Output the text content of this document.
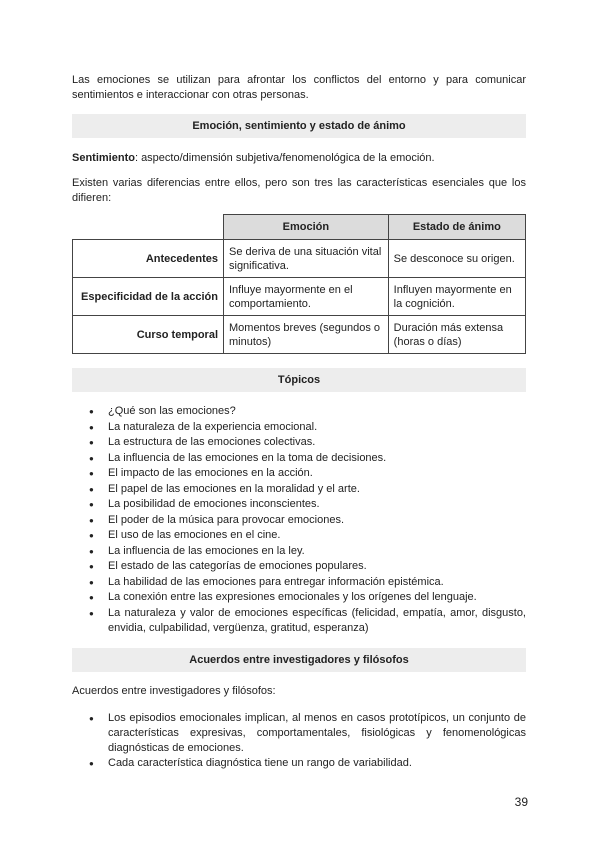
Las emociones se utilizan para afrontar los conflictos del entorno y para comunicar sentimientos e interaccionar con otras personas.

Emoción, sentimiento y estado de ánimo

Sentimiento: aspecto/dimensión subjetiva/fenomenológica de la emoción.

Existen varias diferencias entre ellos, pero son tres las características esenciales que los difieren:

	Emoción	Estado de ánimo
Antecedentes	Se deriva de una situación vital significativa.	Se desconoce su origen.
Especificidad de la acción	Influye mayormente en el comportamiento.	Influyen mayormente en la cognición.
Curso temporal	Momentos breves (segundos o minutos)	Duración más extensa (horas o días)
Tópicos
● ¿Qué son las emociones?
● La naturaleza de la experiencia emocional.
● La estructura de las emociones colectivas.
● La influencia de las emociones en la toma de decisiones.
● El impacto de las emociones en la acción.
● El papel de las emociones en la moralidad y el arte.
● La posibilidad de emociones inconscientes.
● El poder de la música para provocar emociones.
● El uso de las emociones en el cine.
● La influencia de las emociones en la ley.
● El estado de las categorías de emociones populares.
● La habilidad de las emociones para entregar información epistémica.
● La conexión entre las expresiones emocionales y los orígenes del lenguaje.
● La naturaleza y valor de emociones específicas (felicidad, empatía, amor, disgusto, envidia, culpabilidad, vergüenza, gratitud, esperanza)
Acuerdos entre investigadores y filósofos

Acuerdos entre investigadores y filósofos:

● Los episodios emocionales implican, al menos en casos prototípicos, un conjunto de características expresivas, comportamentales, fisiológicas y fenomenológicas diagnósticas de emociones.
● Cada característica diagnóstica tiene un rango de variabilidad.
39
